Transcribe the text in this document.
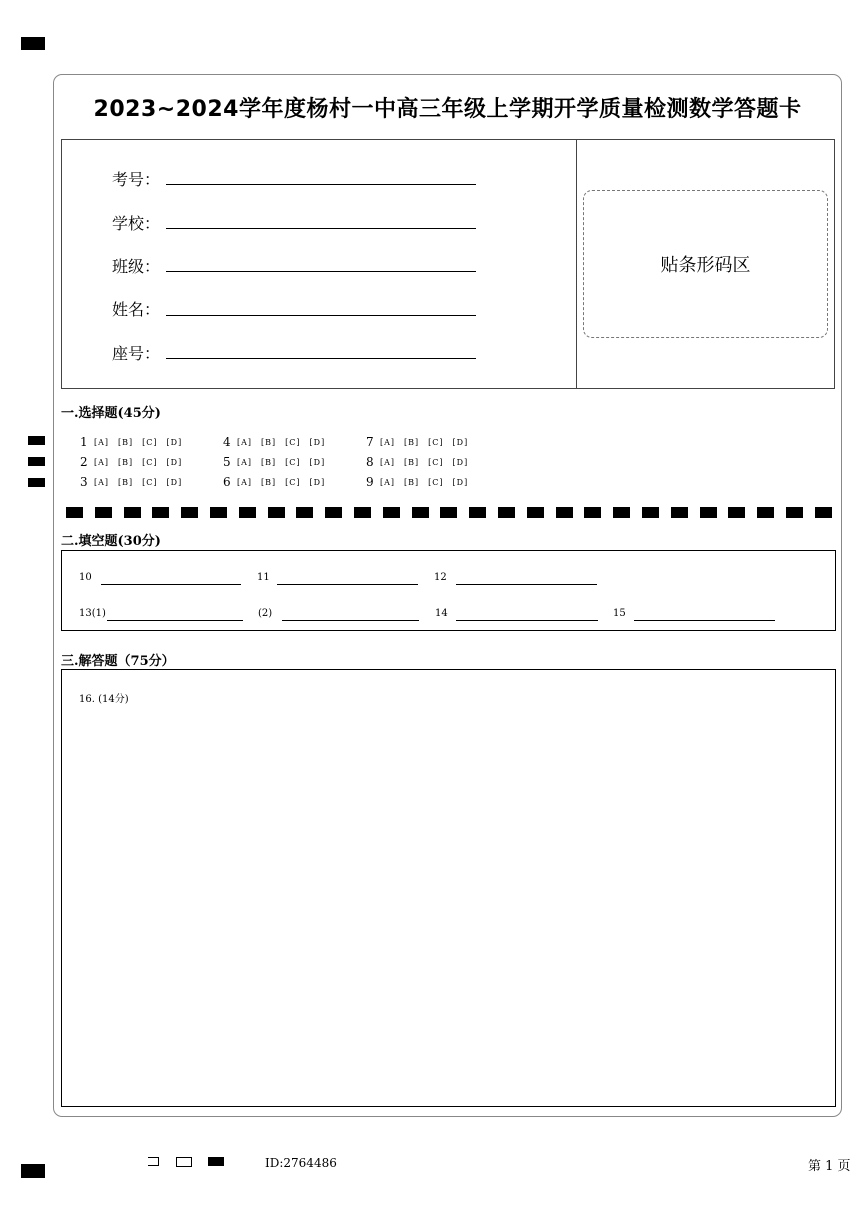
2023~2024学年度杨村一中高三年级上学期开学质量检测数学答题卡
考号：
学校：
班级：
姓名：
座号：
贴条形码区
一.选择题(45分)
1 [A] [B] [C] [D]	4 [A] [B] [C] [D]	7 [A] [B] [C] [D]
2 [A] [B] [C] [D]	5 [A] [B] [C] [D]	8 [A] [B] [C] [D]
3 [A] [B] [C] [D]	6 [A] [B] [C] [D]	9 [A] [B] [C] [D]
二.填空题(30分)
10	11	12
13(1)	(2)	14	15
三.解答题（75分）
16. (14分)
ID:2764486	第 1 页
